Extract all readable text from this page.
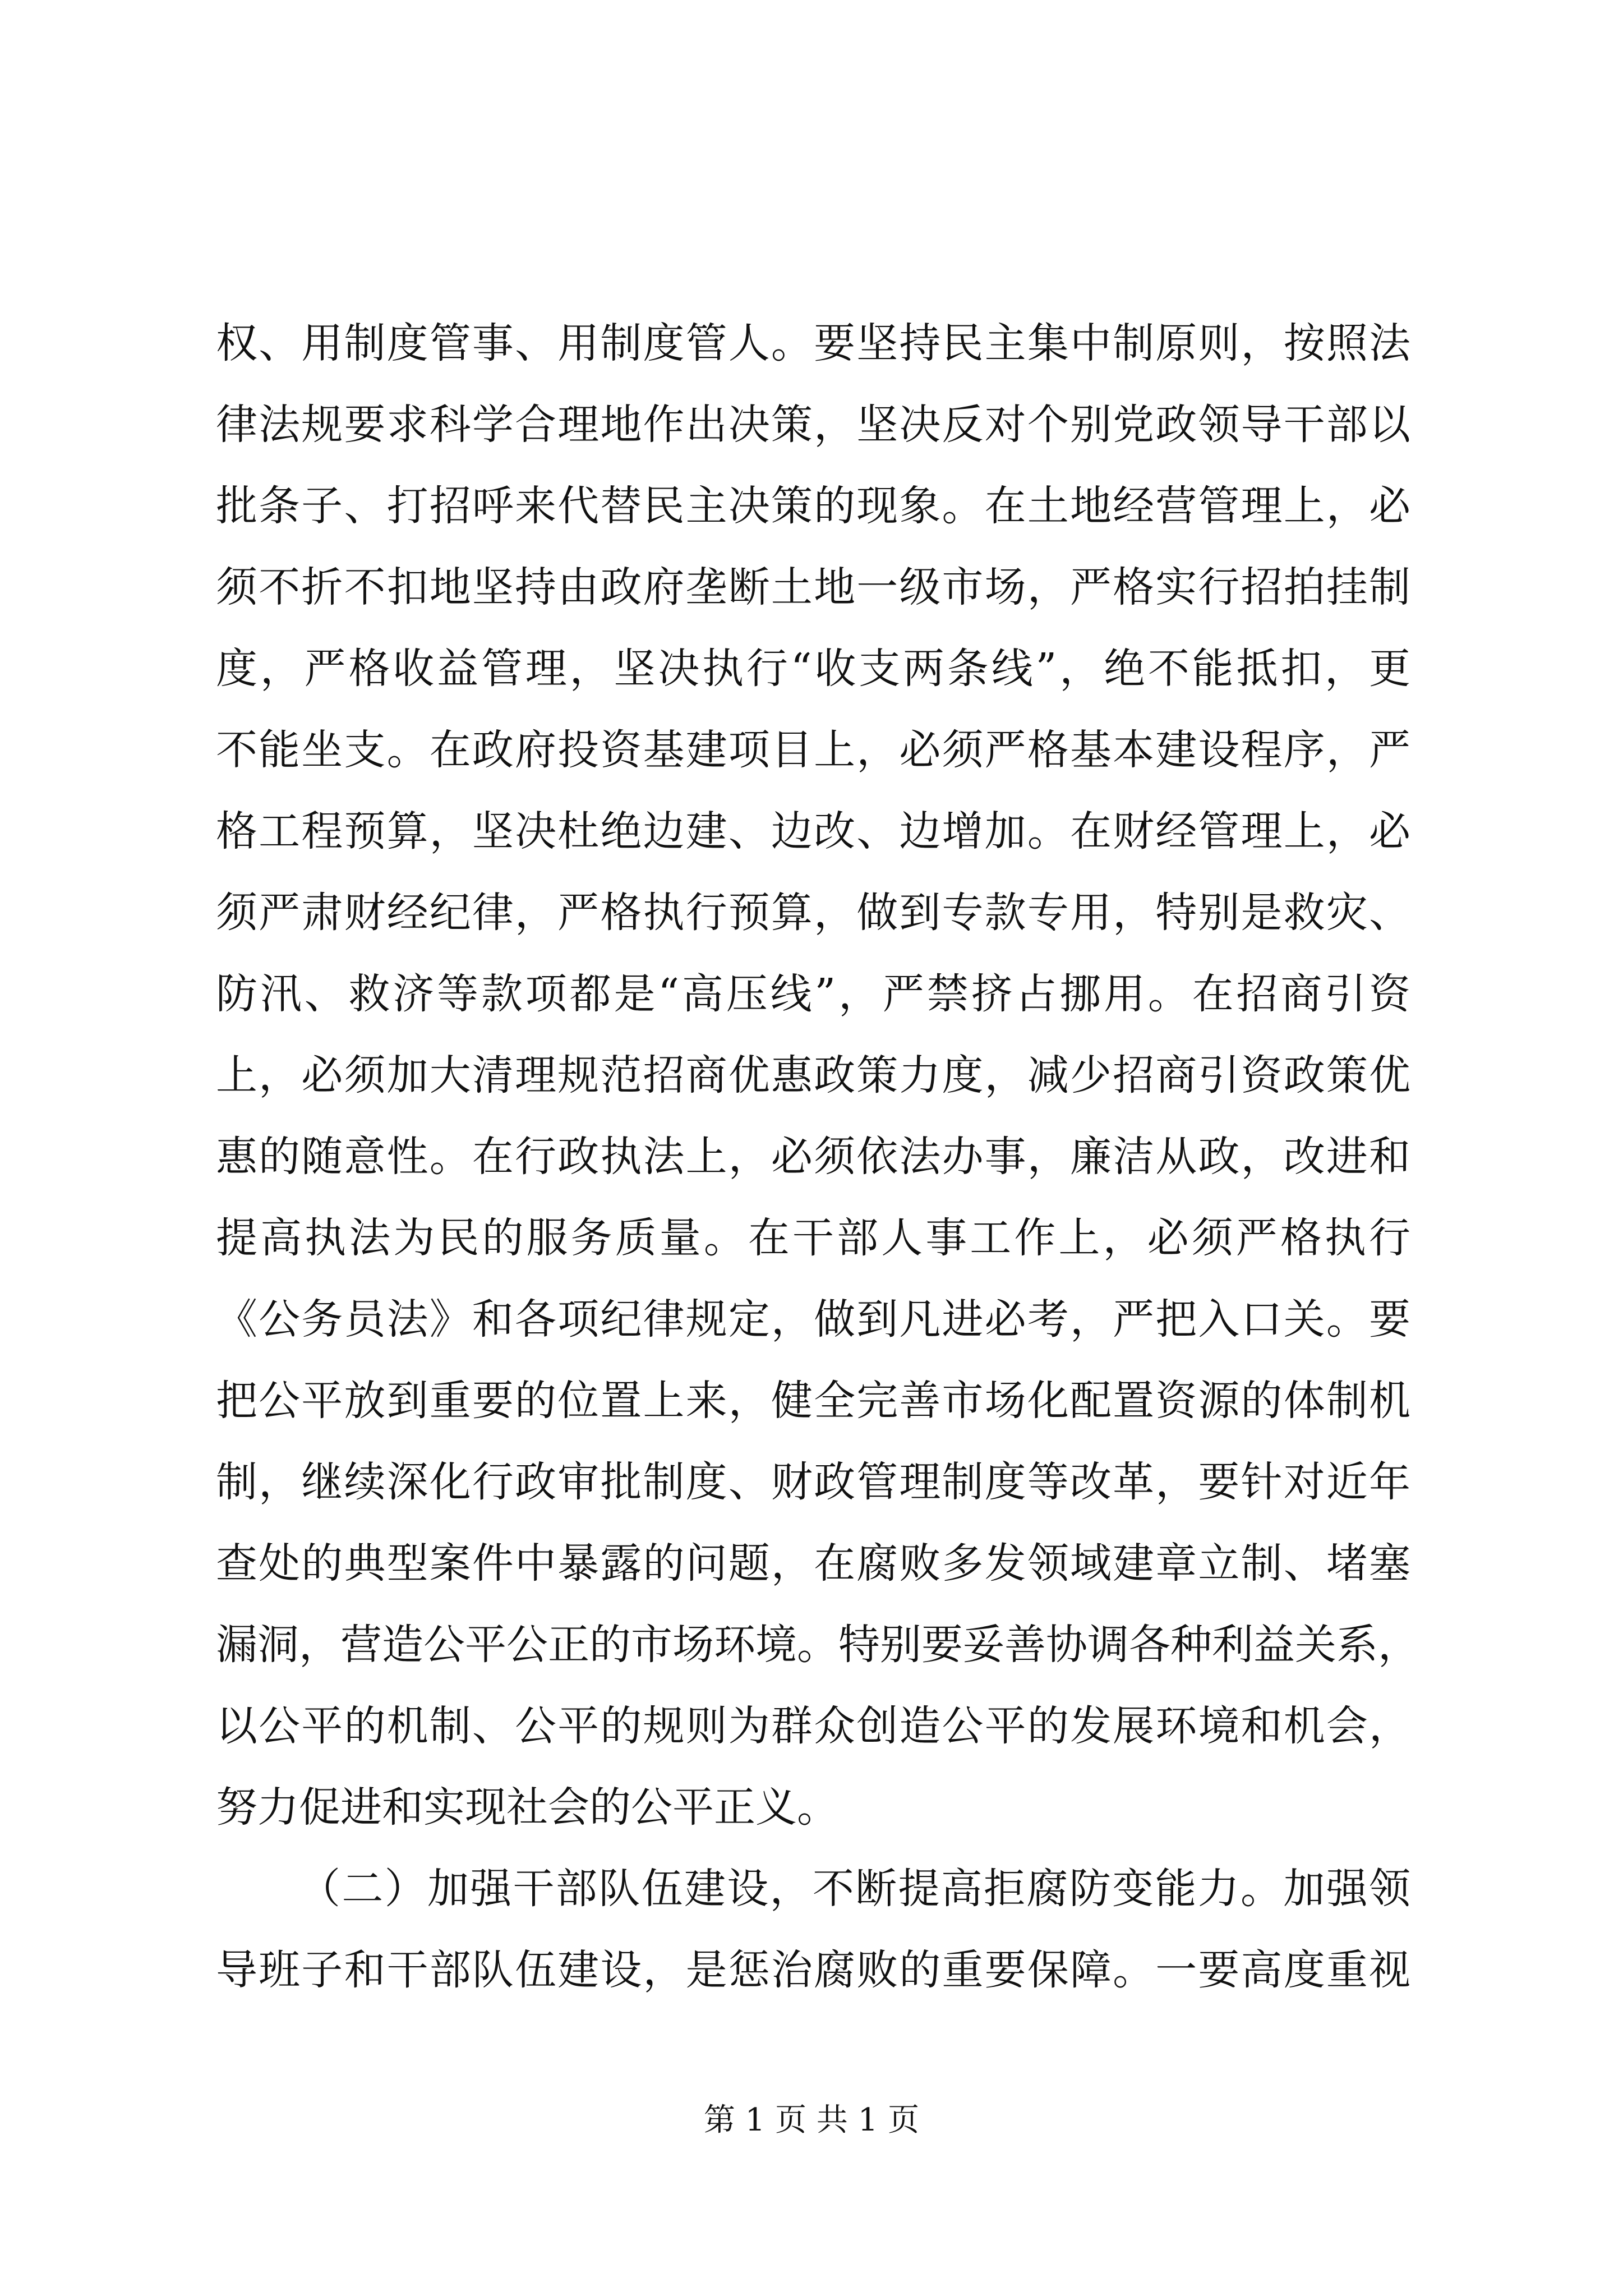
权、用制度管事、用制度管人。要坚持民主集中制原则，按照法
律法规要求科学合理地作出决策，坚决反对个别党政领导干部以
批条子、打招呼来代替民主决策的现象。在土地经营管理上，必
须不折不扣地坚持由政府垄断土地一级市场，严格实行招拍挂制
度，严格收益管理，坚决执行“收支两条线”，绝不能抵扣，更
不能坐支。在政府投资基建项目上，必须严格基本建设程序，严
格工程预算，坚决杜绝边建、边改、边增加。在财经管理上，必
须严肃财经纪律，严格执行预算，做到专款专用，特别是救灾、
防汛、救济等款项都是“高压线”，严禁挤占挪用。在招商引资
上，必须加大清理规范招商优惠政策力度，减少招商引资政策优
惠的随意性。在行政执法上，必须依法办事，廉洁从政，改进和
提高执法为民的服务质量。在干部人事工作上，必须严格执行
《公务员法》和各项纪律规定，做到凡进必考，严把入口关。要
把公平放到重要的位置上来，健全完善市场化配置资源的体制机
制，继续深化行政审批制度、财政管理制度等改革，要针对近年
查处的典型案件中暴露的问题，在腐败多发领域建章立制、堵塞
漏洞，营造公平公正的市场环境。特别要妥善协调各种利益关系，
以公平的机制、公平的规则为群众创造公平的发展环境和机会，
努力促进和实现社会的公平正义。
（二）加强干部队伍建设，不断提高拒腐防变能力。加强领
导班子和干部队伍建设，是惩治腐败的重要保障。一要高度重视
第 1 页 共 1 页
